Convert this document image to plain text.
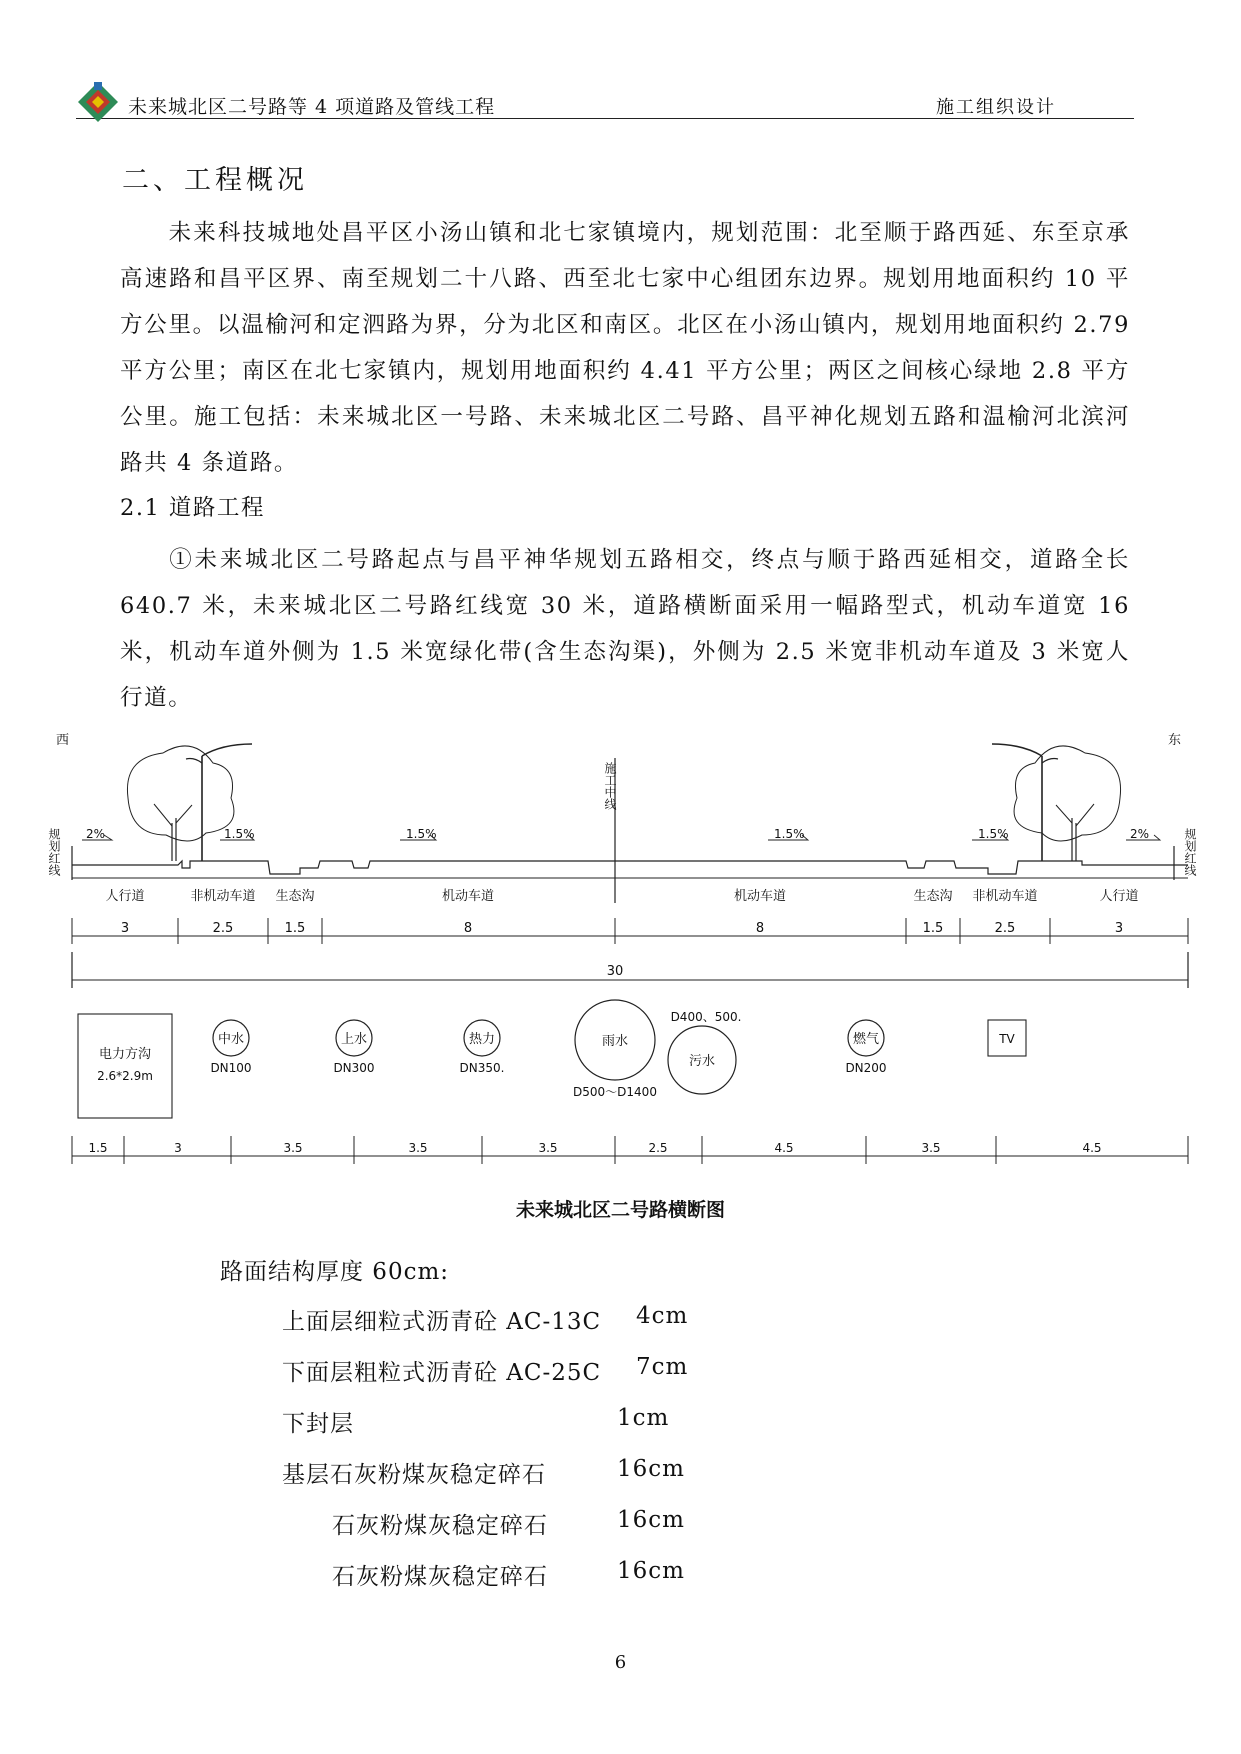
未来城北区二号路等 4 项道路及管线工程	施工组织设计
二、工程概况
未来科技城地处昌平区小汤山镇和北七家镇境内，规划范围：北至顺于路西延、东至京承高速路和昌平区界、南至规划二十八路、西至北七家中心组团东边界。规划用地面积约 10 平方公里。以温榆河和定泗路为界，分为北区和南区。北区在小汤山镇内，规划用地面积约 2.79 平方公里；南区在北七家镇内，规划用地面积约 4.41 平方公里；两区之间核心绿地 2.8 平方公里。施工包括：未来城北区一号路、未来城北区二号路、昌平神化规划五路和温榆河北滨河路共 4 条道路。
2.1 道路工程
①未来城北区二号路起点与昌平神华规划五路相交，终点与顺于路西延相交，道路全长 640.7 米，未来城北区二号路红线宽 30 米，道路横断面采用一幅路型式，机动车道宽 16 米，机动车道外侧为 1.5 米宽绿化带(含生态沟渠)，外侧为 2.5 米宽非机动车道及 3 米宽人行道。
西	东
规划红线	规划红线
施工中线
2%	1.5%	1.5%	1.5%	1.5%	2%
人行道	非机动车道 生态沟	机动车道	机动车道	生态沟 非机动车道	人行道
3	2.5	1.5	8	8	1.5	2.5	3
30
电力方沟
2.6*2.9m
中水
DN100
上水
DN300
热力
DN350.
雨水
D500～D1400
污水
D400、500.
燃气
DN200
TV
1.5	3	3.5	3.5	3.5	2.5	4.5	3.5	4.5
未来城北区二号路横断图
路面结构厚度 60cm:
上面层细粒式沥青砼 AC-13C 4cm
下面层粗粒式沥青砼 AC-25C 7cm
下封层	1cm
基层石灰粉煤灰稳定碎石	16cm
石灰粉煤灰稳定碎石	16cm
石灰粉煤灰稳定碎石	16cm
6
